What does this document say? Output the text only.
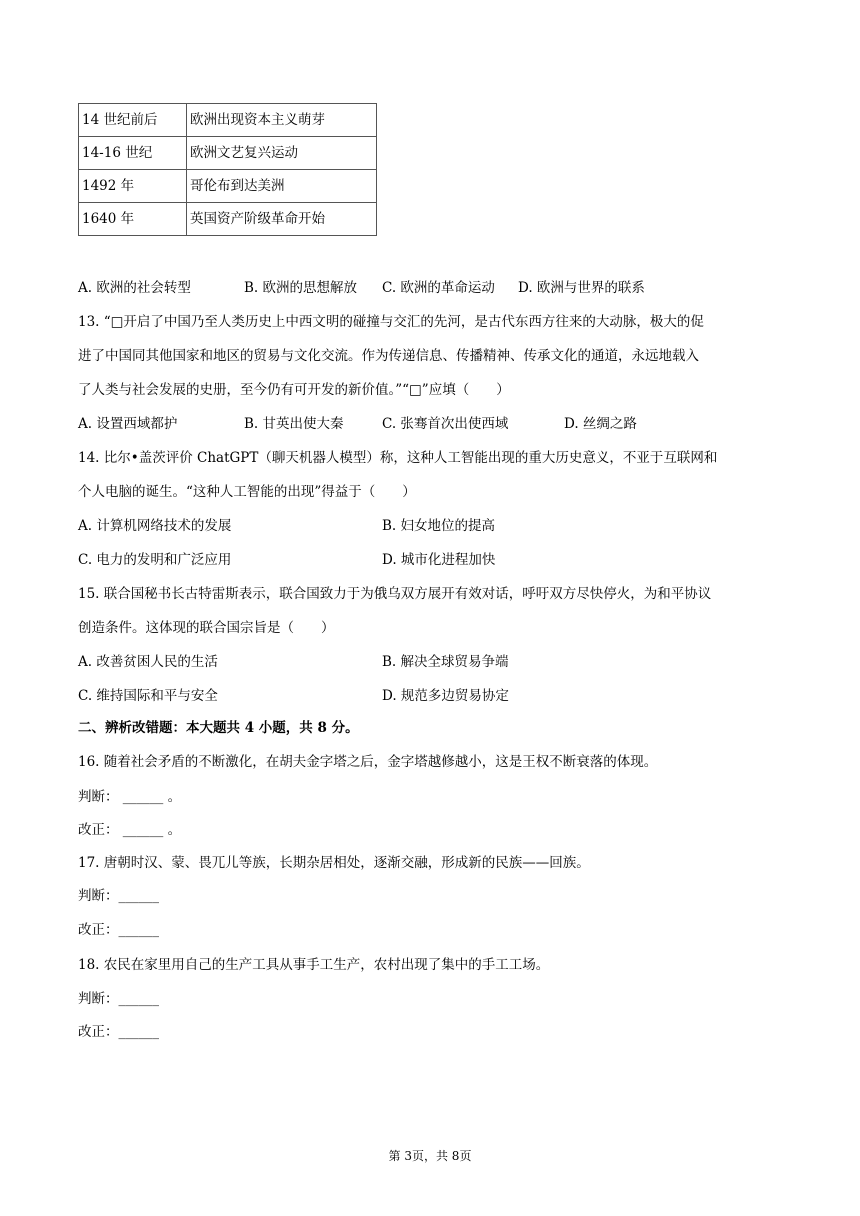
14 世纪前后	欧洲出现资本主义萌芽
14-16 世纪	欧洲文艺复兴运动
1492 年	哥伦布到达美洲
1640 年	英国资产阶级革命开始
A. 欧洲的社会转型	B. 欧洲的思想解放 C. 欧洲的革命运动 D. 欧洲与世界的联系
13. “□开启了中国乃至人类历史上中西文明的碰撞与交汇的先河，是古代东西方往来的大动脉，极大的促
进了中国同其他国家和地区的贸易与文化交流。作为传递信息、传播精神、传承文化的通道，永远地载入
了人类与社会发展的史册，至今仍有可开发的新价值。”“□”应填（　　）
A. 设置西域都护	B. 甘英出使大秦	C. 张骞首次出使西域	D. 丝绸之路
14. 比尔•盖茨评价 ChatGPT（聊天机器人模型）称，这种人工智能出现的重大历史意义，不亚于互联网和
个人电脑的诞生。“这种人工智能的出现”得益于（　　）
A. 计算机网络技术的发展	B. 妇女地位的提高
C. 电力的发明和广泛应用	D. 城市化进程加快
15. 联合国秘书长古特雷斯表示，联合国致力于为俄乌双方展开有效对话，呼吁双方尽快停火，为和平协议
创造条件。这体现的联合国宗旨是（　　）
A. 改善贫困人民的生活	B. 解决全球贸易争端
C. 维持国际和平与安全	D. 规范多边贸易协定
二、辨析改错题：本大题共 4 小题，共 8 分。
16. 随着社会矛盾的不断激化，在胡夫金字塔之后，金字塔越修越小，这是王权不断衰落的体现。
判断： ______ 。
改正： ______ 。
17. 唐朝时汉、蒙、畏兀儿等族，长期杂居相处，逐渐交融，形成新的民族——回族。
判断：______
改正：______
18. 农民在家里用自己的生产工具从事手工生产，农村出现了集中的手工工场。
判断：______
改正：______
第 3页，共 8页
